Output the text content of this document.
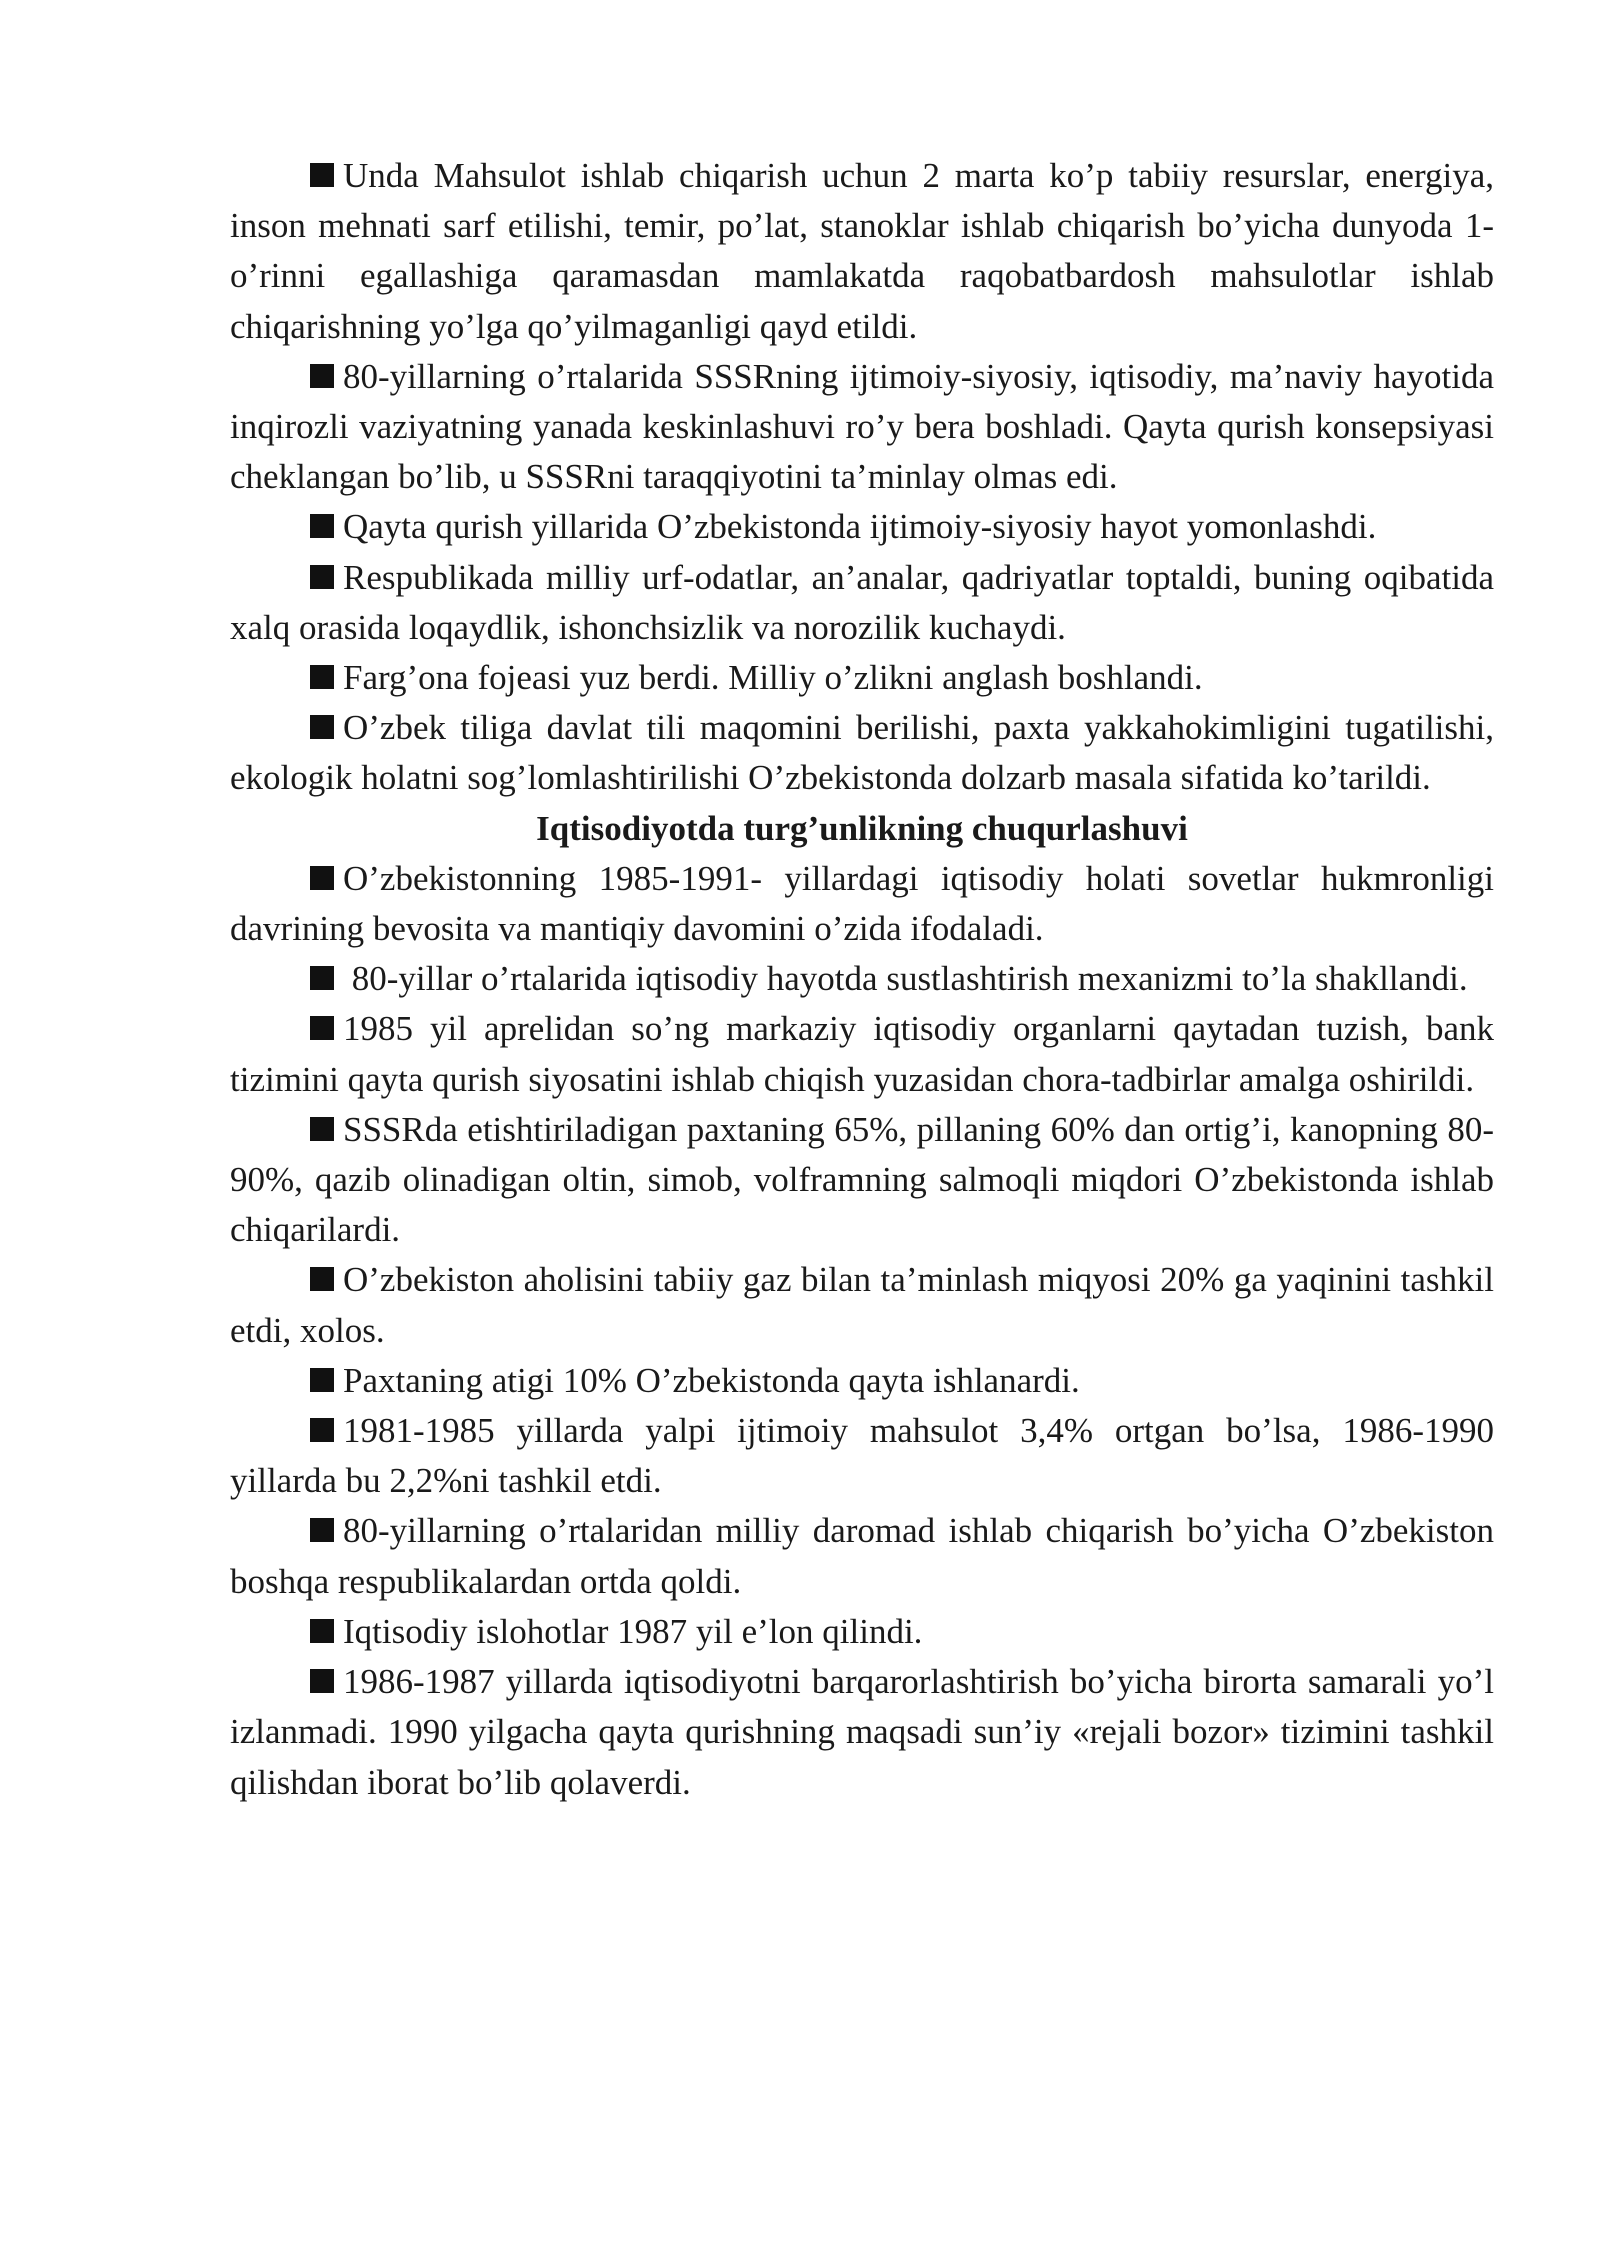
Unda Mahsulot ishlab chiqarish uchun 2 marta ko’p tabiiy resurslar, energiya, inson mehnati sarf etilishi, temir, po’lat, stanoklar ishlab chiqarish bo’yicha dunyoda 1-o’rinni egallashiga qaramasdan mamlakatda raqobatbardosh mahsulotlar ishlab chiqarishning yo’lga qo’yilmaganligi qayd etildi.

80-yillarning o’rtalarida SSSRning ijtimoiy-siyosiy, iqtisodiy, ma’naviy hayotida inqirozli vaziyatning yanada keskinlashuvi ro’y bera boshladi. Qayta qurish konsepsiyasi cheklangan bo’lib, u SSSRni taraqqiyotini ta’minlay olmas edi.

Qayta qurish yillarida O’zbekistonda ijtimoiy-siyosiy hayot yomonlashdi.

Respublikada milliy urf-odatlar, an’analar, qadriyatlar toptaldi, buning oqibatida xalq orasida loqaydlik, ishonchsizlik va norozilik kuchaydi.

Farg’ona fojeasi yuz berdi. Milliy o’zlikni anglash boshlandi.

O’zbek tiliga davlat tili maqomini berilishi, paxta yakkahokimligini tugatilishi, ekologik holatni sog’lomlashtirilishi O’zbekistonda dolzarb masala sifatida ko’tarildi.

Iqtisodiyotda turg’unlikning chuqurlashuvi

O’zbekistonning 1985-1991- yillardagi iqtisodiy holati sovetlar hukmronligi davrining bevosita va mantiqiy davomini o’zida ifodaladi.

80-yillar o’rtalarida iqtisodiy hayotda sustlashtirish mexanizmi to’la shakllandi.

1985 yil aprelidan so’ng markaziy iqtisodiy organlarni qaytadan tuzish, bank tizimini qayta qurish siyosatini ishlab chiqish yuzasidan chora-tadbirlar amalga oshirildi.

SSSRda etishtiriladigan paxtaning 65%, pillaning 60% dan ortig’i, kanopning 80-90%, qazib olinadigan oltin, simob, volframning salmoqli miqdori O’zbekistonda ishlab chiqarilardi.

O’zbekiston aholisini tabiiy gaz bilan ta’minlash miqyosi 20% ga yaqinini tashkil etdi, xolos.

Paxtaning atigi 10% O’zbekistonda qayta ishlanardi.

1981-1985 yillarda yalpi ijtimoiy mahsulot 3,4% ortgan bo’lsa, 1986-1990 yillarda bu 2,2%ni tashkil etdi.

80-yillarning o’rtalaridan milliy daromad ishlab chiqarish bo’yicha O’zbekiston boshqa respublikalardan ortda qoldi.

Iqtisodiy islohotlar 1987 yil e’lon qilindi.

1986-1987 yillarda iqtisodiyotni barqarorlashtirish bo’yicha birorta samarali yo’l izlanmadi. 1990 yilgacha qayta qurishning maqsadi sun’iy «rejali bozor» tizimini tashkil qilishdan iborat bo’lib qolaverdi.
